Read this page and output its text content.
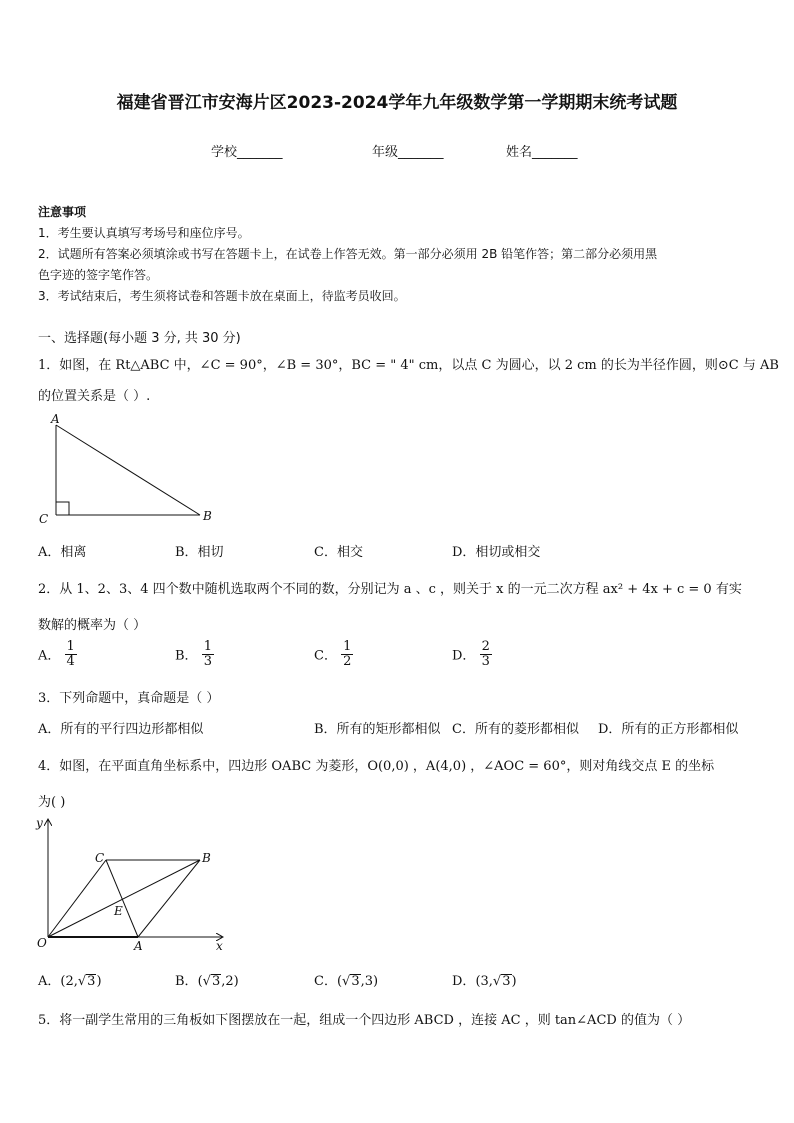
福建省晋江市安海片区2023-2024学年九年级数学第一学期期末统考试题
学校_______	年级_______	姓名_______
注意事项
1．考生要认真填写考场号和座位序号。
2．试题所有答案必须填涂或书写在答题卡上，在试卷上作答无效。第一部分必须用 2B 铅笔作答；第二部分必须用黑
色字迹的签字笔作答。
3．考试结束后，考生须将试卷和答题卡放在桌面上，待监考员收回。
一、选择题(每小题 3 分, 共 30 分)
1．如图，在 Rt△ABC 中，∠C = 90°，∠B = 30°，BC = " 4" cm，以点 C 为圆心，以 2 cm 的长为半径作圆，则⊙C 与 AB
的位置关系是（ ）.
A
C	B
A．相离	B．相切	C．相交	D．相切或相交
2．从 1、2、3、4 四个数中随机选取两个不同的数，分别记为 a 、c ，则关于 x 的一元二次方程 ax² + 4x + c = 0 有实
数解的概率为（ ）
A． $\frac{1}{4}$	B． $\frac{1}{3}$	C． $\frac{1}{2}$	D． $\frac{2}{3}$
3．下列命题中，真命题是（ ）
A．所有的平行四边形都相似	B．所有的矩形都相似 C．所有的菱形都相似 D．所有的正方形都相似
4．如图，在平面直角坐标系中，四边形 OABC 为菱形，O(0,0) ，A(4,0) ，∠AOC = 60°，则对角线交点 E 的坐标
为( )
y
x
O	A
B
C
E
A．(2,√3)	B．(√3,2)	C．(√3,3)	D．(3,√3)
5．将一副学生常用的三角板如下图摆放在一起，组成一个四边形 ABCD ，连接 AC ，则 tan∠ACD 的值为（ ）
